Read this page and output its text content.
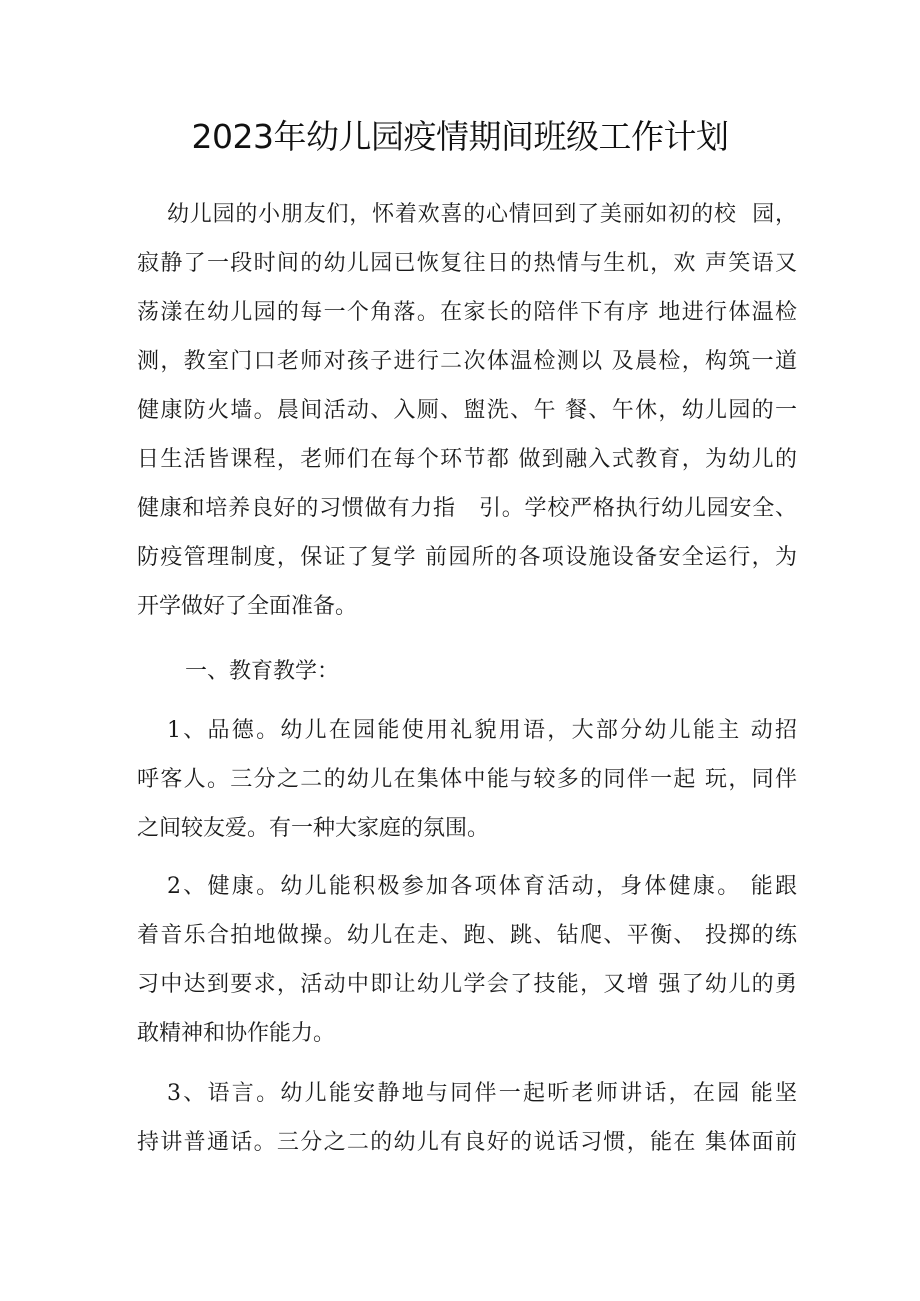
2023年幼儿园疫情期间班级工作计划
幼儿园的小朋友们，怀着欢喜的心情回到了美丽如初的校  园，
寂静了一段时间的幼儿园已恢复往日的热情与生机，欢 声笑语又
荡漾在幼儿园的每一个角落。在家长的陪伴下有序 地进行体温检
测，教室门口老师对孩子进行二次体温检测以 及晨检，构筑一道
健康防火墙。晨间活动、入厕、盥洗、午 餐、午休，幼儿园的一
日生活皆课程，老师们在每个环节都 做到融入式教育，为幼儿的
健康和培养良好的习惯做有力指   引。学校严格执行幼儿园安全、
防疫管理制度，保证了复学 前园所的各项设施设备安全运行，为
开学做好了全面准备。
一、教育教学：
1、品德。幼儿在园能使用礼貌用语，大部分幼儿能主 动招
呼客人。三分之二的幼儿在集体中能与较多的同伴一起 玩，同伴
之间较友爱。有一种大家庭的氛围。
2、健康。幼儿能积极参加各项体育活动，身体健康。 能跟
着音乐合拍地做操。幼儿在走、跑、跳、钻爬、平衡、 投掷的练
习中达到要求，活动中即让幼儿学会了技能，又增 强了幼儿的勇
敢精神和协作能力。
3、语言。幼儿能安静地与同伴一起听老师讲话，在园 能坚
持讲普通话。三分之二的幼儿有良好的说话习惯，能在 集体面前
